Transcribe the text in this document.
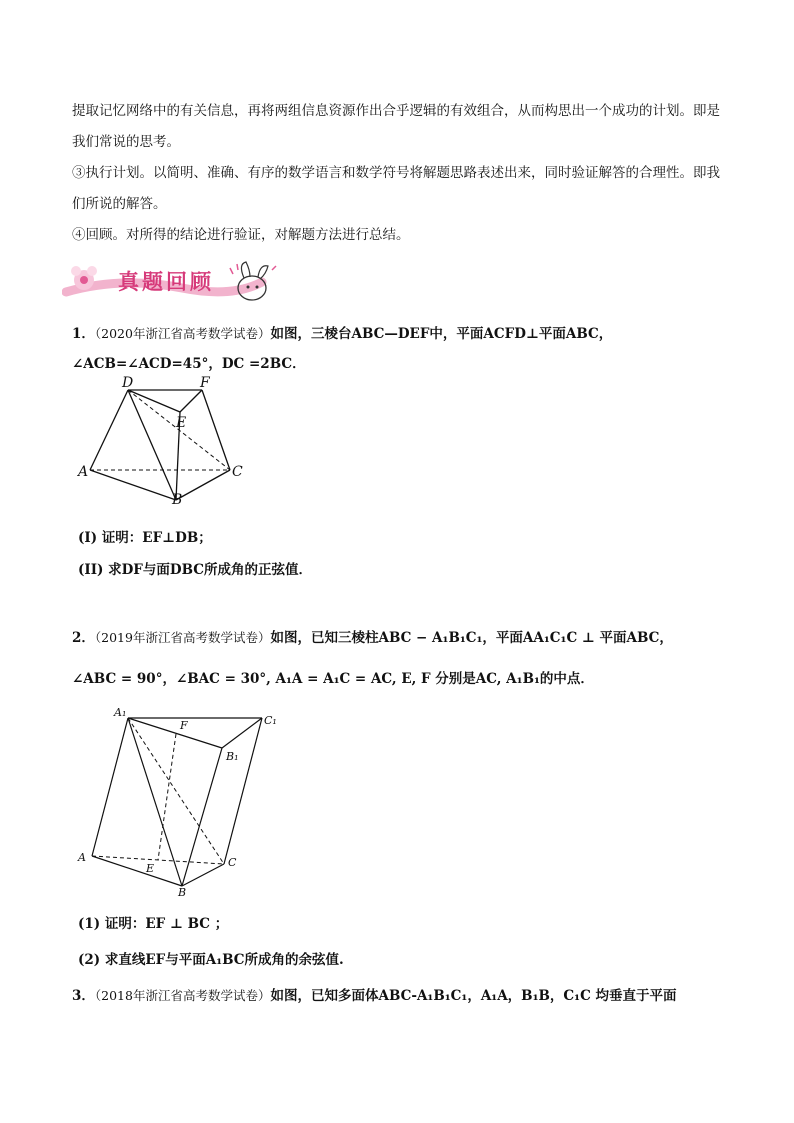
提取记忆网络中的有关信息，再将两组信息资源作出合乎逻辑的有效组合，从而构思出一个成功的计划。即是我们常说的思考。
③执行计划。以简明、准确、有序的数学语言和数学符号将解题思路表述出来，同时验证解答的合理性。即我们所说的解答。
④回顾。对所得的结论进行验证，对解题方法进行总结。
真题回顾
1．（2020年浙江省高考数学试卷）如图，三棱台ABC—DEF中，平面ACFD⊥平面ABC，
∠ACB=∠ACD=45°，DC =2BC．
D	F
E
A	C
B
(I) 证明：EF⊥DB；
(II) 求DF与面DBC所成角的正弦值．
2．（2019年浙江省高考数学试卷）如图，已知三棱柱ABC − A₁B₁C₁，平面AA₁C₁C ⊥ 平面ABC，
∠ABC = 90°，∠BAC = 30°, A₁A = A₁C = AC, E, F 分别是AC, A₁B₁的中点．
A₁
C₁
B₁
F
A
E
B
C
(1) 证明：EF ⊥ BC ；
(2) 求直线EF与平面A₁BC所成角的余弦值.
3．（2018年浙江省高考数学试卷）如图，已知多面体ABC-A₁B₁C₁，A₁A，B₁B，C₁C 均垂直于平面
